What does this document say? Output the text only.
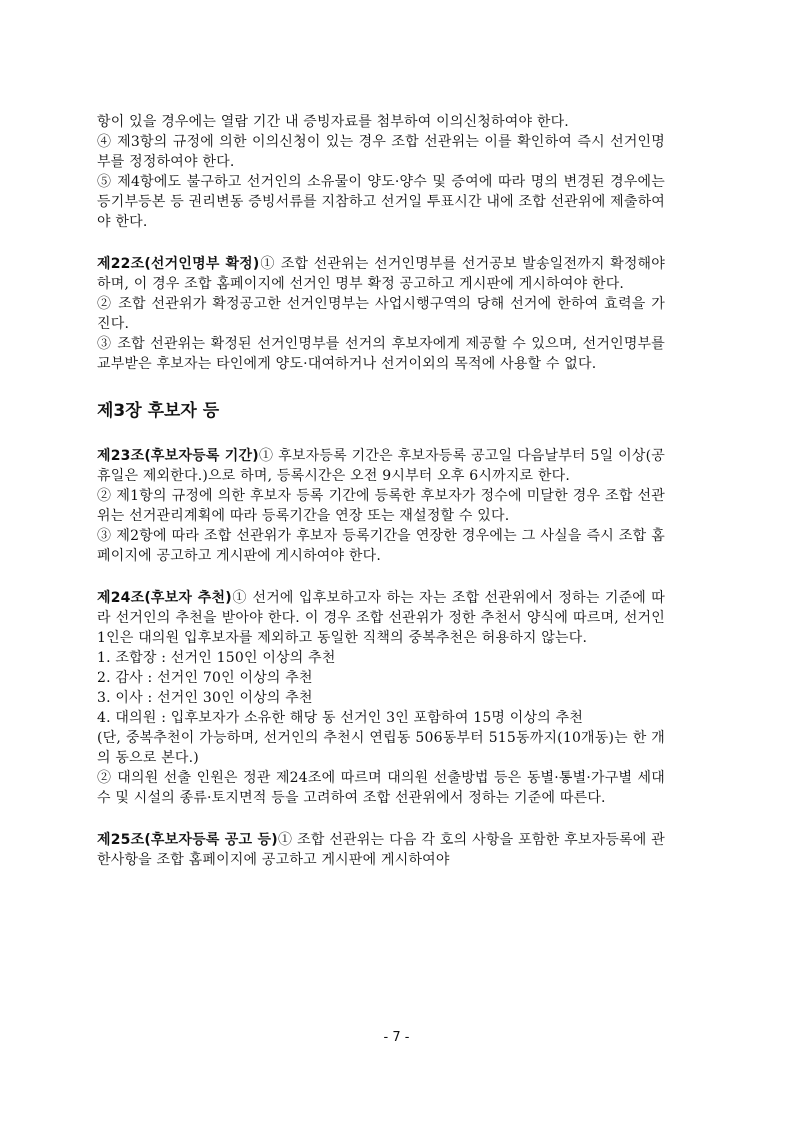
항이 있을 경우에는 열람 기간 내 증빙자료를 첨부하여 이의신청하여야 한다.

④ 제3항의 규정에 의한 이의신청이 있는 경우 조합 선관위는 이를 확인하여 즉시 선거인명부를 정정하여야 한다.

⑤ 제4항에도 불구하고 선거인의 소유물이 양도·양수 및 증여에 따라 명의 변경된 경우에는 등기부등본 등 권리변동 증빙서류를 지참하고 선거일 투표시간 내에 조합 선관위에 제출하여야 한다.

제22조(선거인명부 확정)① 조합 선관위는 선거인명부를 선거공보 발송일전까지 확정해야 하며, 이 경우 조합 홈페이지에 선거인 명부 확정 공고하고 게시판에 게시하여야 한다.

② 조합 선관위가 확정공고한 선거인명부는 사업시행구역의 당해 선거에 한하여 효력을 가진다.

③ 조합 선관위는 확정된 선거인명부를 선거의 후보자에게 제공할 수 있으며, 선거인명부를 교부받은 후보자는 타인에게 양도·대여하거나 선거이외의 목적에 사용할 수 없다.

제3장 후보자 등

제23조(후보자등록 기간)① 후보자등록 기간은 후보자등록 공고일 다음날부터 5일 이상(공휴일은 제외한다.)으로 하며, 등록시간은 오전 9시부터 오후 6시까지로 한다.

② 제1항의 규정에 의한 후보자 등록 기간에 등록한 후보자가 정수에 미달한 경우 조합 선관위는 선거관리계획에 따라 등록기간을 연장 또는 재설정할 수 있다.

③ 제2항에 따라 조합 선관위가 후보자 등록기간을 연장한 경우에는 그 사실을 즉시 조합 홈페이지에 공고하고 게시판에 게시하여야 한다.

제24조(후보자 추천)① 선거에 입후보하고자 하는 자는 조합 선관위에서 정하는 기준에 따라 선거인의 추천을 받아야 한다. 이 경우 조합 선관위가 정한 추천서 양식에 따르며, 선거인 1인은 대의원 입후보자를 제외하고 동일한 직책의 중복추천은 허용하지 않는다.

1. 조합장 : 선거인 150인 이상의 추천

2. 감사 : 선거인 70인 이상의 추천

3. 이사 : 선거인 30인 이상의 추천

4. 대의원 : 입후보자가 소유한 해당 동 선거인 3인 포함하여 15명 이상의 추천

(단, 중복추천이 가능하며, 선거인의 추천시 연립동 506동부터 515동까지(10개동)는 한 개의 동으로 본다.)

② 대의원 선출 인원은 정관 제24조에 따르며 대의원 선출방법 등은 동별·통별·가구별 세대수 및 시설의 종류·토지면적 등을 고려하여 조합 선관위에서 정하는 기준에 따른다.

제25조(후보자등록 공고 등)① 조합 선관위는 다음 각 호의 사항을 포함한 후보자등록에 관한사항을 조합 홈페이지에 공고하고 게시판에 게시하여야

- 7 -
